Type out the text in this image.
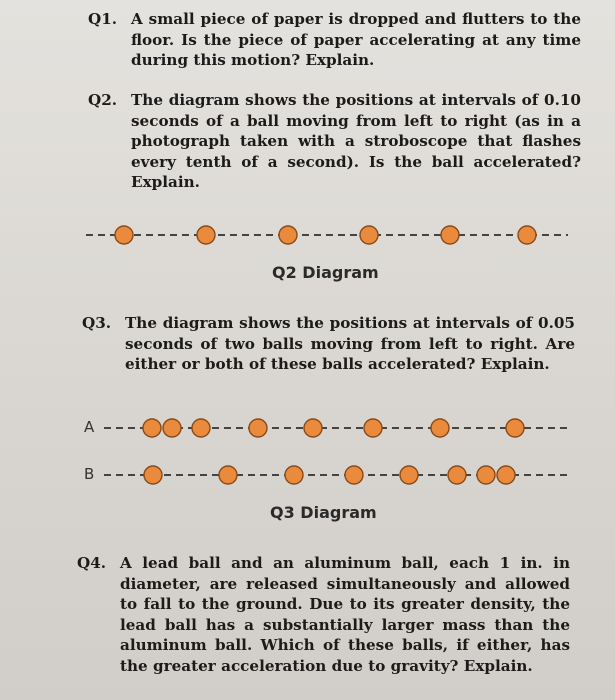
Q1. A small piece of paper is dropped and flutters to the floor. Is the piece of paper accelerating at any time during this motion? Explain.
Q2. The diagram shows the positions at intervals of 0.10 seconds of a ball moving from left to right (as in a photograph taken with a stroboscope that flashes every tenth of a second). Is the ball accelerated? Explain.
Q2 Diagram
Q3. The diagram shows the positions at intervals of 0.05 seconds of two balls moving from left to right. Are either or both of these balls accelerated? Explain.
A
B
Q3 Diagram
Q4. A lead ball and an aluminum ball, each 1 in. in diameter, are released simultaneously and allowed to fall to the ground. Due to its greater density, the lead ball has a substantially larger mass than the aluminum ball. Which of these balls, if either, has the greater acceleration due to gravity? Explain.
